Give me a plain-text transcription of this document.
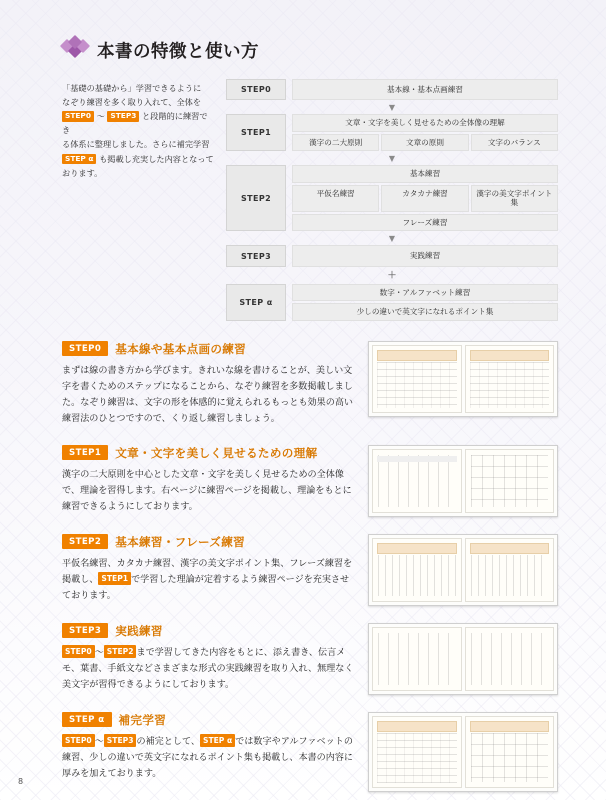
本書の特徴と使い方
「基礎の基礎から」学習できるように
なぞり練習を多く取り入れて、全体を
STEP0 〜 STEP3 と段階的に練習でき
る体系に整理しました。さらに補完学習
STEP α も掲載し充実した内容となって
おります。
STEP0	基本線・基本点画練習
▼
STEP1
文章・文字を美しく見せるための全体像の理解
漢字の二大原則	文章の原則	文字のバランス
▼
STEP2
基本練習
平仮名練習	カタカナ練習	漢字の美文字ポイント集
フレーズ練習
▼
STEP3	実践練習
＋
STEP α
数字・アルファベット練習
少しの違いで英文字になれるポイント集
STEP0	基本線や基本点画の練習
まずは線の書き方から学びます。きれいな線を書けることが、美しい文字を書くためのステップになることから、なぞり練習を多数掲載しました。なぞり練習は、文字の形を体感的に覚えられるもっとも効果の高い練習法のひとつですので、くり返し練習しましょう。
STEP1	文章・文字を美しく見せるための理解
漢字の二大原則を中心とした文章・文字を美しく見せるための全体像で、理論を習得します。右ページに練習ページを掲載し、理論をもとに練習できるようにしております。
STEP2	基本練習・フレーズ練習
平仮名練習、カタカナ練習、漢字の美文字ポイント集、フレーズ練習を掲載し、 STEP1 で学習した理論が定着するよう練習ページを充実させております。
STEP3	実践練習
STEP0 〜 STEP2 まで学習してきた内容をもとに、添え書き、伝言メモ、葉書、手紙文などさまざまな形式の実践練習を取り入れ、無理なく美文字が習得できるようにしております。
STEP α	補完学習
STEP0 〜 STEP3 の補完として、 STEP α では数字やアルファベットの練習、少しの違いで英文字になれるポイント集も掲載し、本書の内容に厚みを加えております。
8
